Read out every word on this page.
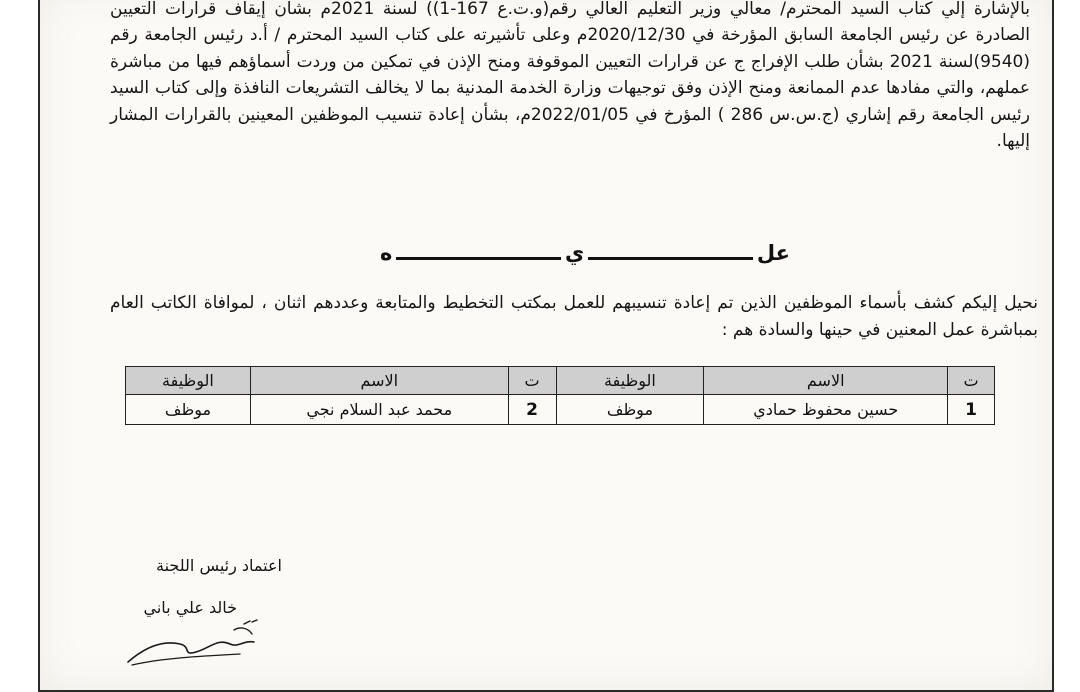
بالإشارة إلي كتاب السيد المحترم/ معالي وزير التعليم العالي رقم(و.ت.ع 167-1)) لسنة 2021م بشأن إيقاف قرارات التعيين الصادرة عن رئيس الجامعة السابق المؤرخة في 2020/12/30م وعلى تأشيرته على كتاب السيد المحترم / أ.د رئيس الجامعة رقم (9540)لسنة 2021 بشأن طلب الإفراج ج عن قرارات التعيين الموقوفة ومنح الإذن في تمكين من وردت أسماؤهم فيها من مباشرة عملهم، والتي مفادها عدم الممانعة ومنح الإذن وفق توجيهات وزارة الخدمة المدنية بما لا يخالف التشريعات النافذة وإلى كتاب السيد رئيس الجامعة رقم إشاري (ج.س.س 286 ) المؤرخ في 2022/01/05م، بشأن إعادة تنسيب الموظفين المعينين بالقرارات المشار إليها.

عل
ي
ه

نحيل إليكم كشف بأسماء الموظفين الذين تم إعادة تنسيبهم للعمل بمكتب التخطيط والمتابعة وعددهم اثنان ، لموافاة الكاتب العام بمباشرة عمل المعنين في حينها والسادة هم :

ت	الاسم	الوظيفة	ت	الاسم	الوظيفة
1	حسين محفوظ حمادي	موظف	2	محمد عبد السلام نجي	موظف
اعتماد رئيس اللجنة
خالد علي باني
